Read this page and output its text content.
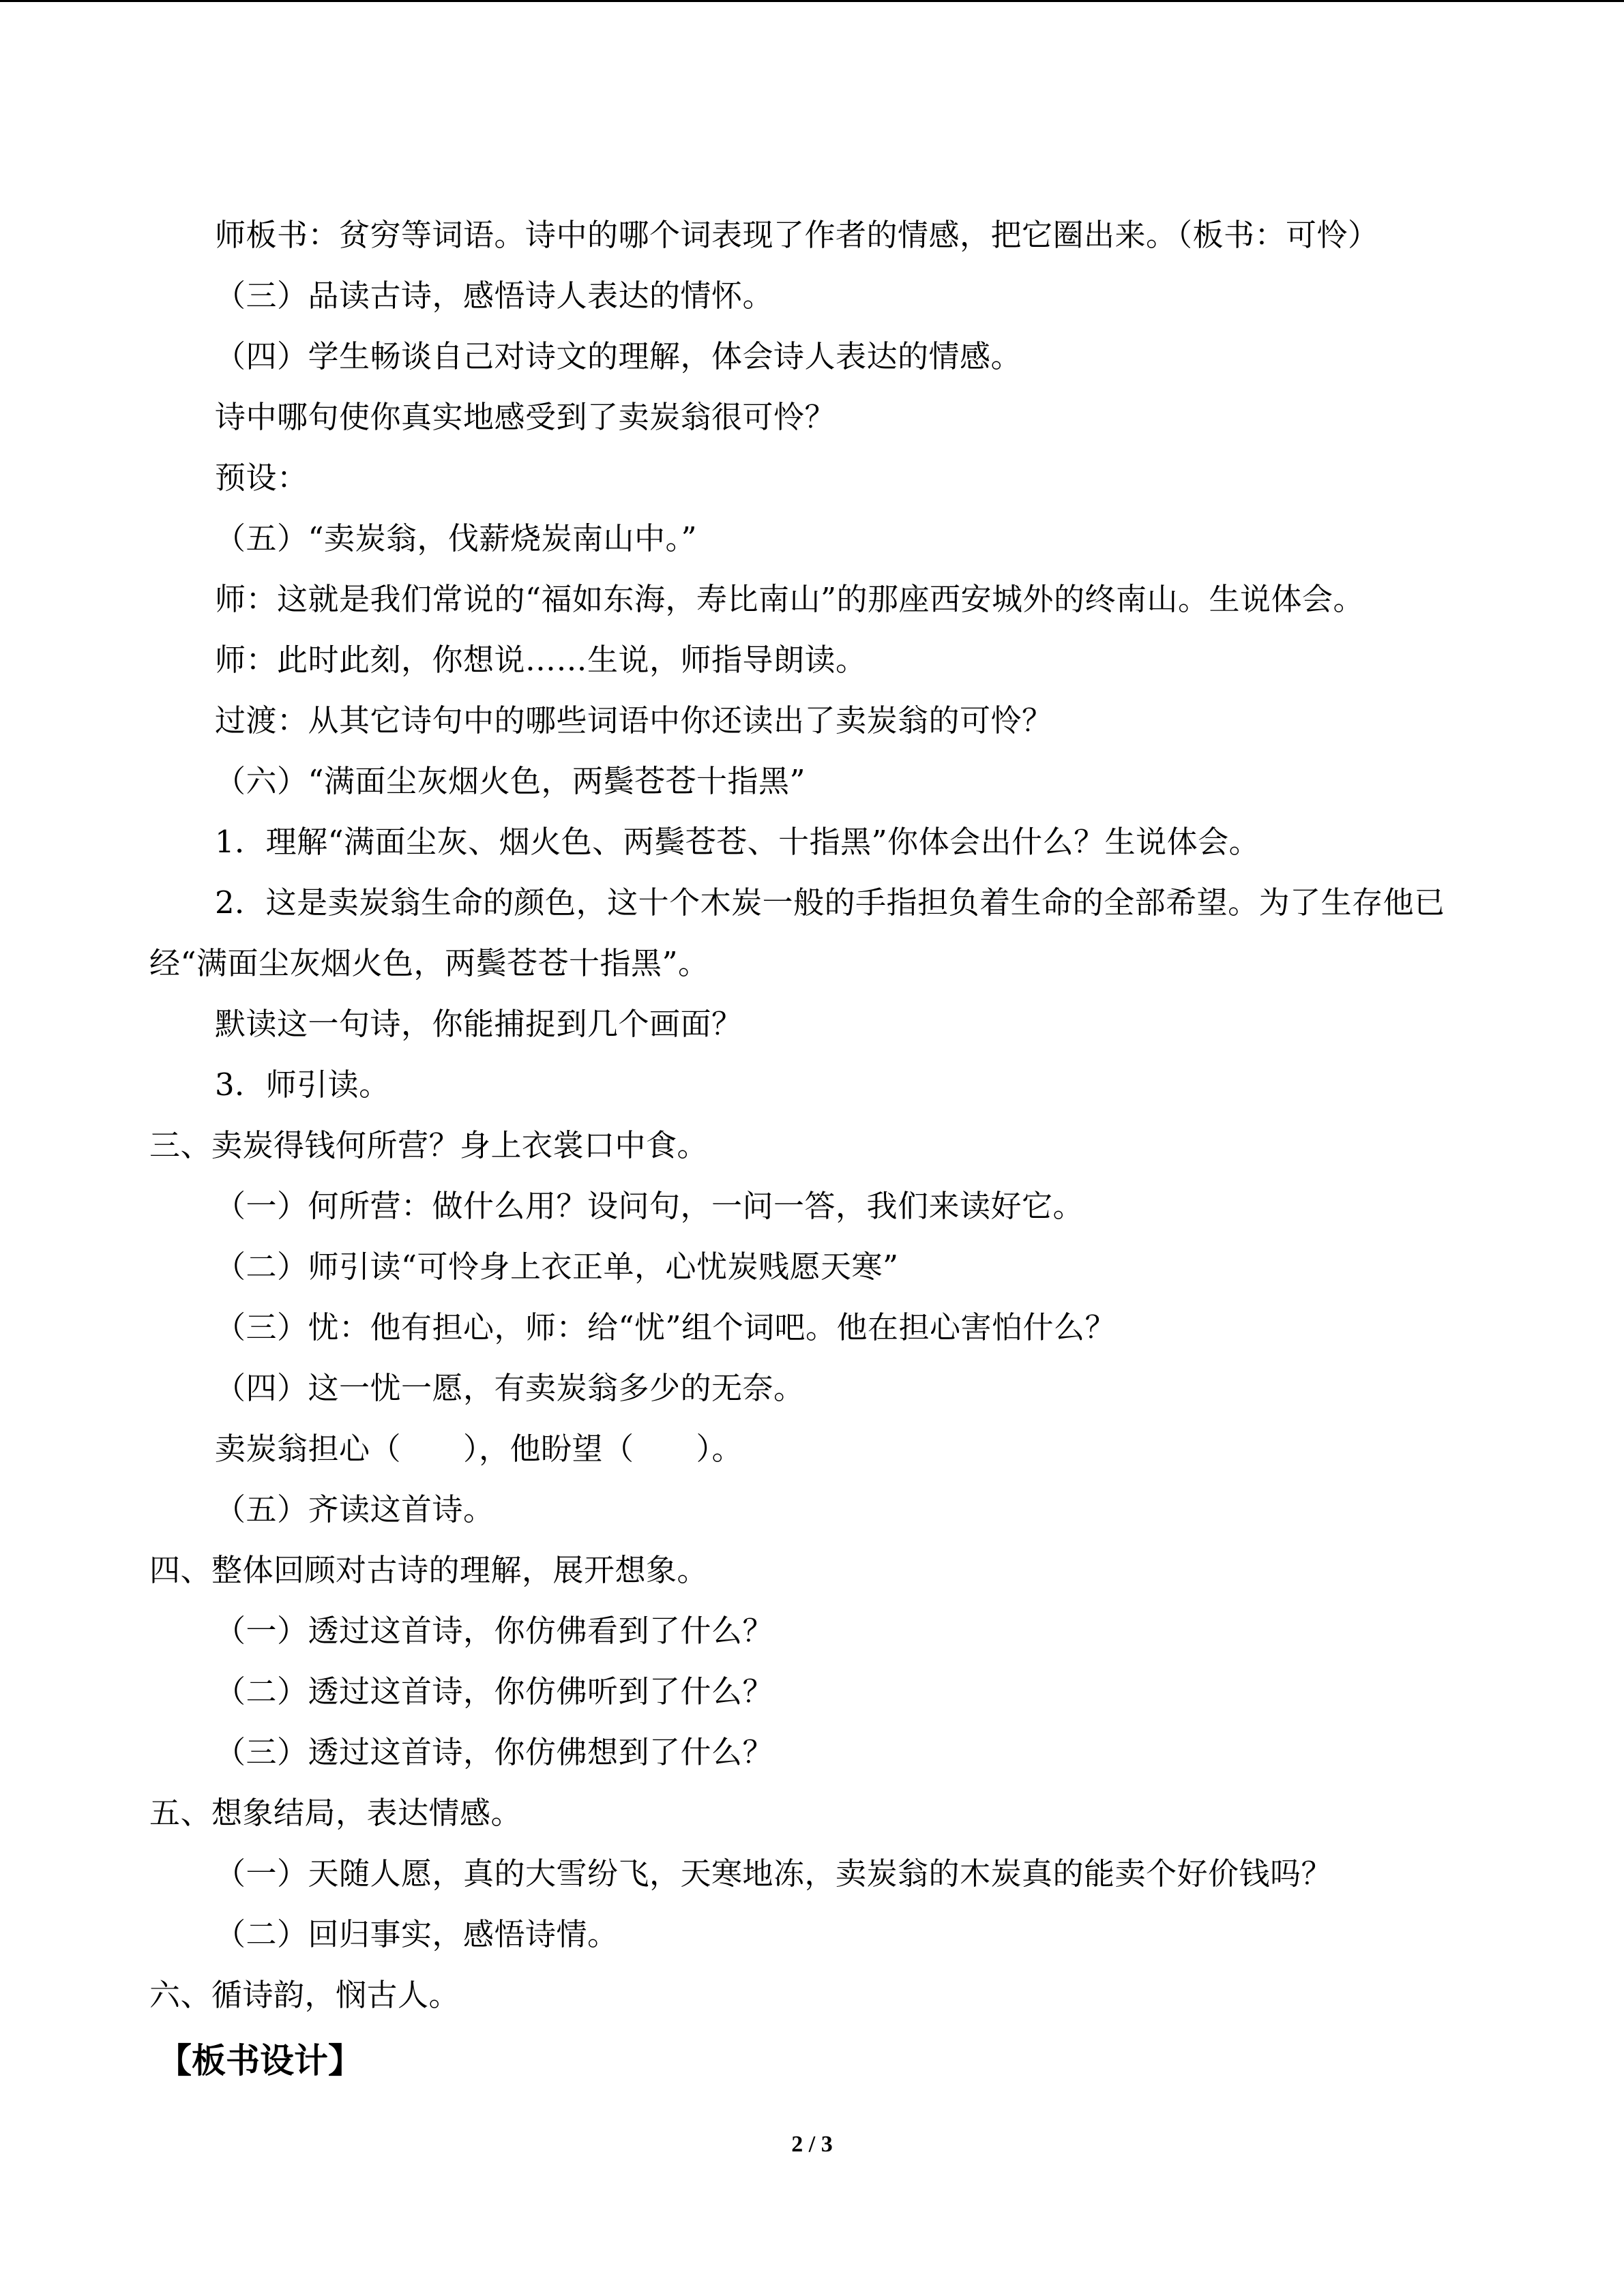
师板书：贫穷等词语。诗中的哪个词表现了作者的情感，把它圈出来。（板书：可怜）
（三）品读古诗，感悟诗人表达的情怀。
（四）学生畅谈自己对诗文的理解，体会诗人表达的情感。
诗中哪句使你真实地感受到了卖炭翁很可怜？
预设：
（五）“卖炭翁，伐薪烧炭南山中。”
师：这就是我们常说的“福如东海，寿比南山”的那座西安城外的终南山。生说体会。
师：此时此刻，你想说……生说，师指导朗读。
过渡：从其它诗句中的哪些词语中你还读出了卖炭翁的可怜？
（六）“满面尘灰烟火色，两鬓苍苍十指黑”
1．理解“满面尘灰、烟火色、两鬓苍苍、十指黑”你体会出什么？生说体会。
2．这是卖炭翁生命的颜色，这十个木炭一般的手指担负着生命的全部希望。为了生存他已经“满面尘灰烟火色，两鬓苍苍十指黑”。
默读这一句诗，你能捕捉到几个画面？
3．师引读。
三、卖炭得钱何所营？身上衣裳口中食。
（一）何所营：做什么用？设问句，一问一答，我们来读好它。
（二）师引读“可怜身上衣正单，心忧炭贱愿天寒”
（三）忧：他有担心，师：给“忧”组个词吧。他在担心害怕什么？
（四）这一忧一愿，有卖炭翁多少的无奈。
卖炭翁担心（　　），他盼望（　　）。
（五）齐读这首诗。
四、整体回顾对古诗的理解，展开想象。
（一）透过这首诗，你仿佛看到了什么？
（二）透过这首诗，你仿佛听到了什么？
（三）透过这首诗，你仿佛想到了什么？
五、想象结局，表达情感。
（一）天随人愿，真的大雪纷飞，天寒地冻，卖炭翁的木炭真的能卖个好价钱吗？
（二）回归事实，感悟诗情。
六、循诗韵，悯古人。
【板书设计】
2 / 3
